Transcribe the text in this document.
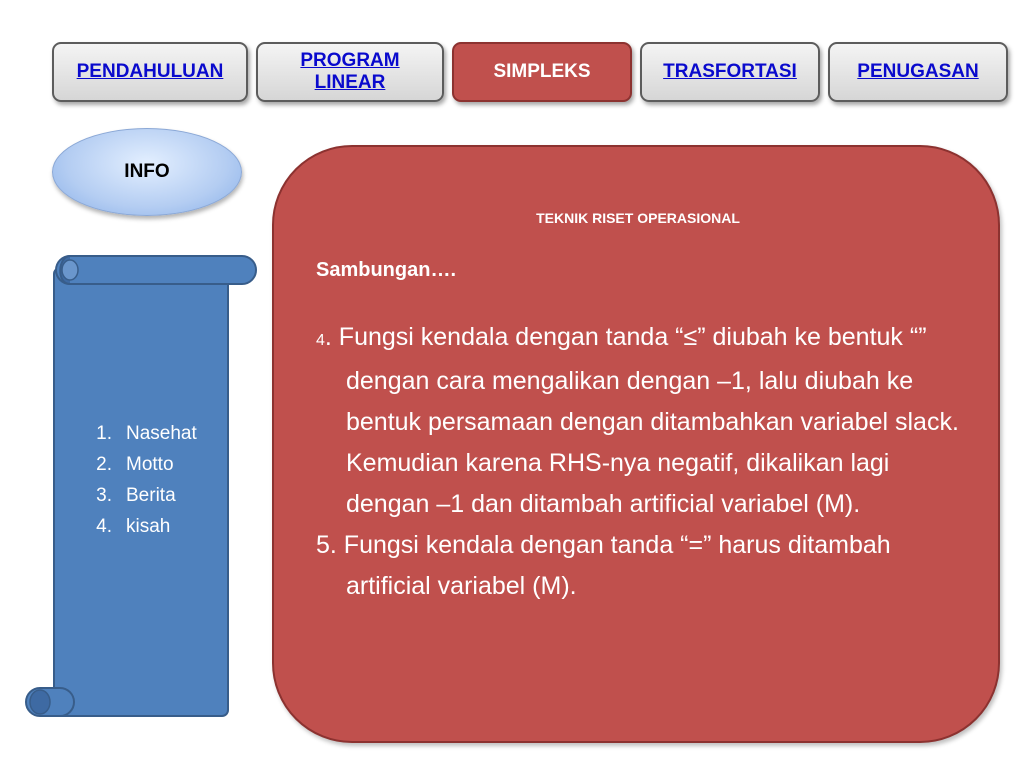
PENDAHULUAN
PROGRAM
LINEAR
SIMPLEKS	TRASFORTASI	PENUGASAN
INFO
1. Nasehat
2. Motto
3. Berita
4. kisah
TEKNIK RISET OPERASIONAL
Sambungan….
4. Fungsi kendala dengan tanda “≤” diubah ke bentuk “” dengan cara mengalikan dengan –1, lalu diubah ke bentuk persamaan dengan ditambahkan variabel slack. Kemudian karena RHS-nya negatif, dikalikan lagi dengan –1 dan ditambah artificial variabel (M).
5. Fungsi kendala dengan tanda “=” harus ditambah artificial variabel (M).
